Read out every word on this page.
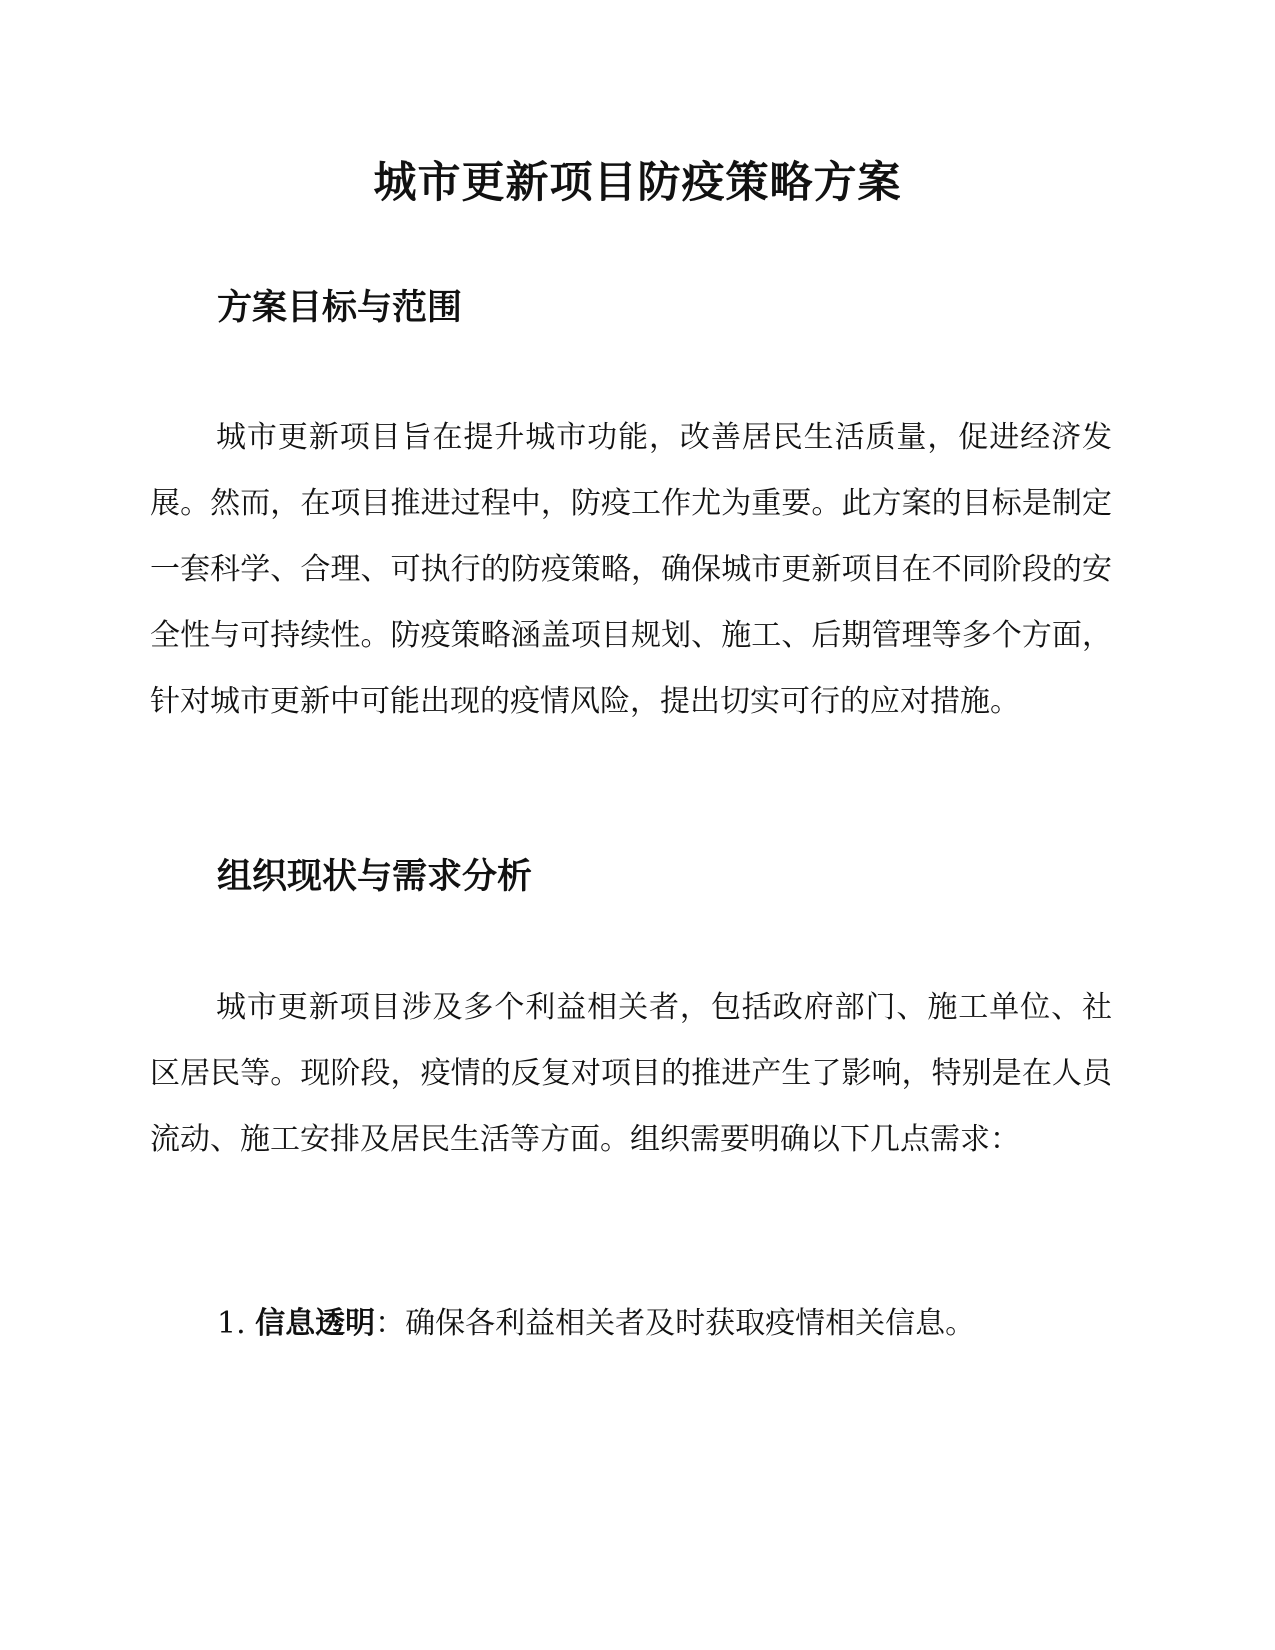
城市更新项目防疫策略方案
方案目标与范围

城市更新项目旨在提升城市功能，改善居民生活质量，促进经济发展。然而，在项目推进过程中，防疫工作尤为重要。此方案的目标是制定一套科学、合理、可执行的防疫策略，确保城市更新项目在不同阶段的安全性与可持续性。防疫策略涵盖项目规划、施工、后期管理等多个方面，针对城市更新中可能出现的疫情风险，提出切实可行的应对措施。

组织现状与需求分析

城市更新项目涉及多个利益相关者，包括政府部门、施工单位、社区居民等。现阶段，疫情的反复对项目的推进产生了影响，特别是在人员流动、施工安排及居民生活等方面。组织需要明确以下几点需求：

1. 信息透明：确保各利益相关者及时获取疫情相关信息。
